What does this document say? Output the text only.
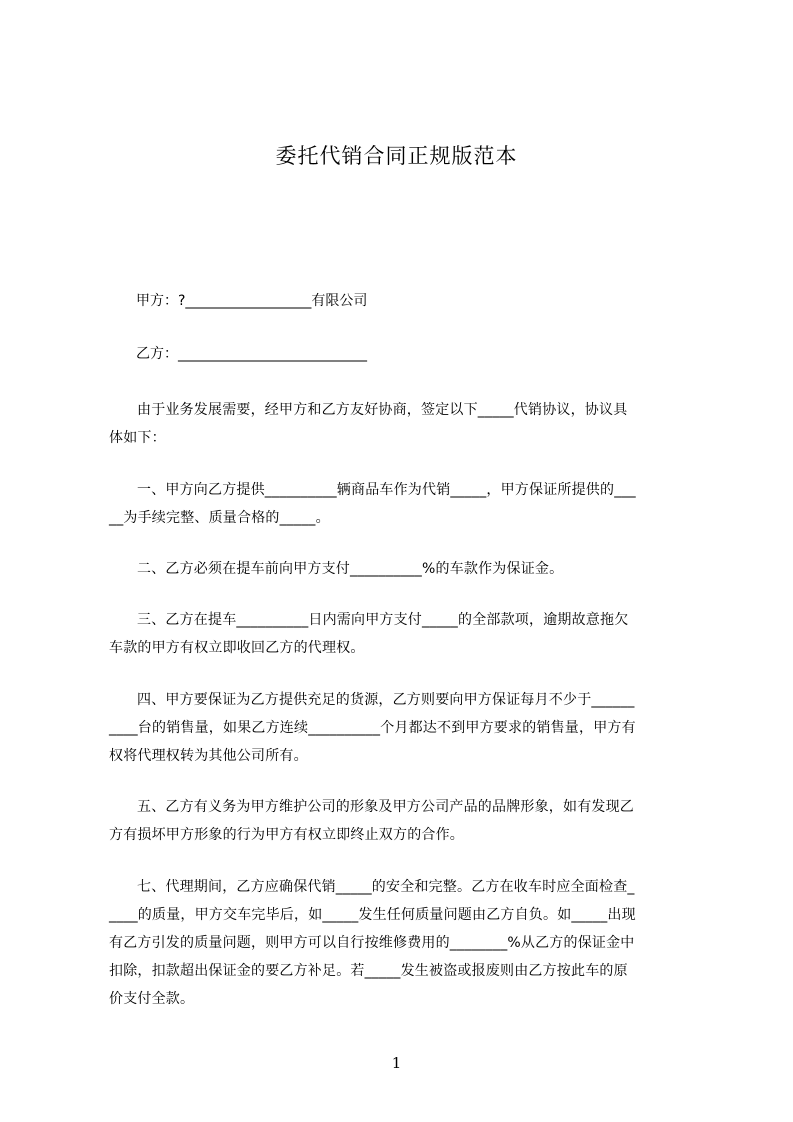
委托代销合同正规版范本
甲方：?__________________有限公司
乙方：___________________________
由于业务发展需要，经甲方和乙方友好协商，签定以下_____代销协议，协议具
体如下：
一、甲方向乙方提供__________辆商品车作为代销_____，甲方保证所提供的___
__为手续完整、质量合格的_____。
二、乙方必须在提车前向甲方支付__________%的车款作为保证金。
三、乙方在提车__________日内需向甲方支付_____的全部款项，逾期故意拖欠
车款的甲方有权立即收回乙方的代理权。
四、甲方要保证为乙方提供充足的货源，乙方则要向甲方保证每月不少于______
____台的销售量，如果乙方连续__________个月都达不到甲方要求的销售量，甲方有
权将代理权转为其他公司所有。
五、乙方有义务为甲方维护公司的形象及甲方公司产品的品牌形象，如有发现乙
方有损坏甲方形象的行为甲方有权立即终止双方的合作。
七、代理期间，乙方应确保代销_____的安全和完整。乙方在收车时应全面检查_
____的质量，甲方交车完毕后，如_____发生任何质量问题由乙方自负。如_____出现
有乙方引发的质量问题，则甲方可以自行按维修费用的________%从乙方的保证金中
扣除，扣款超出保证金的要乙方补足。若_____发生被盗或报废则由乙方按此车的原
价支付全款。
1
